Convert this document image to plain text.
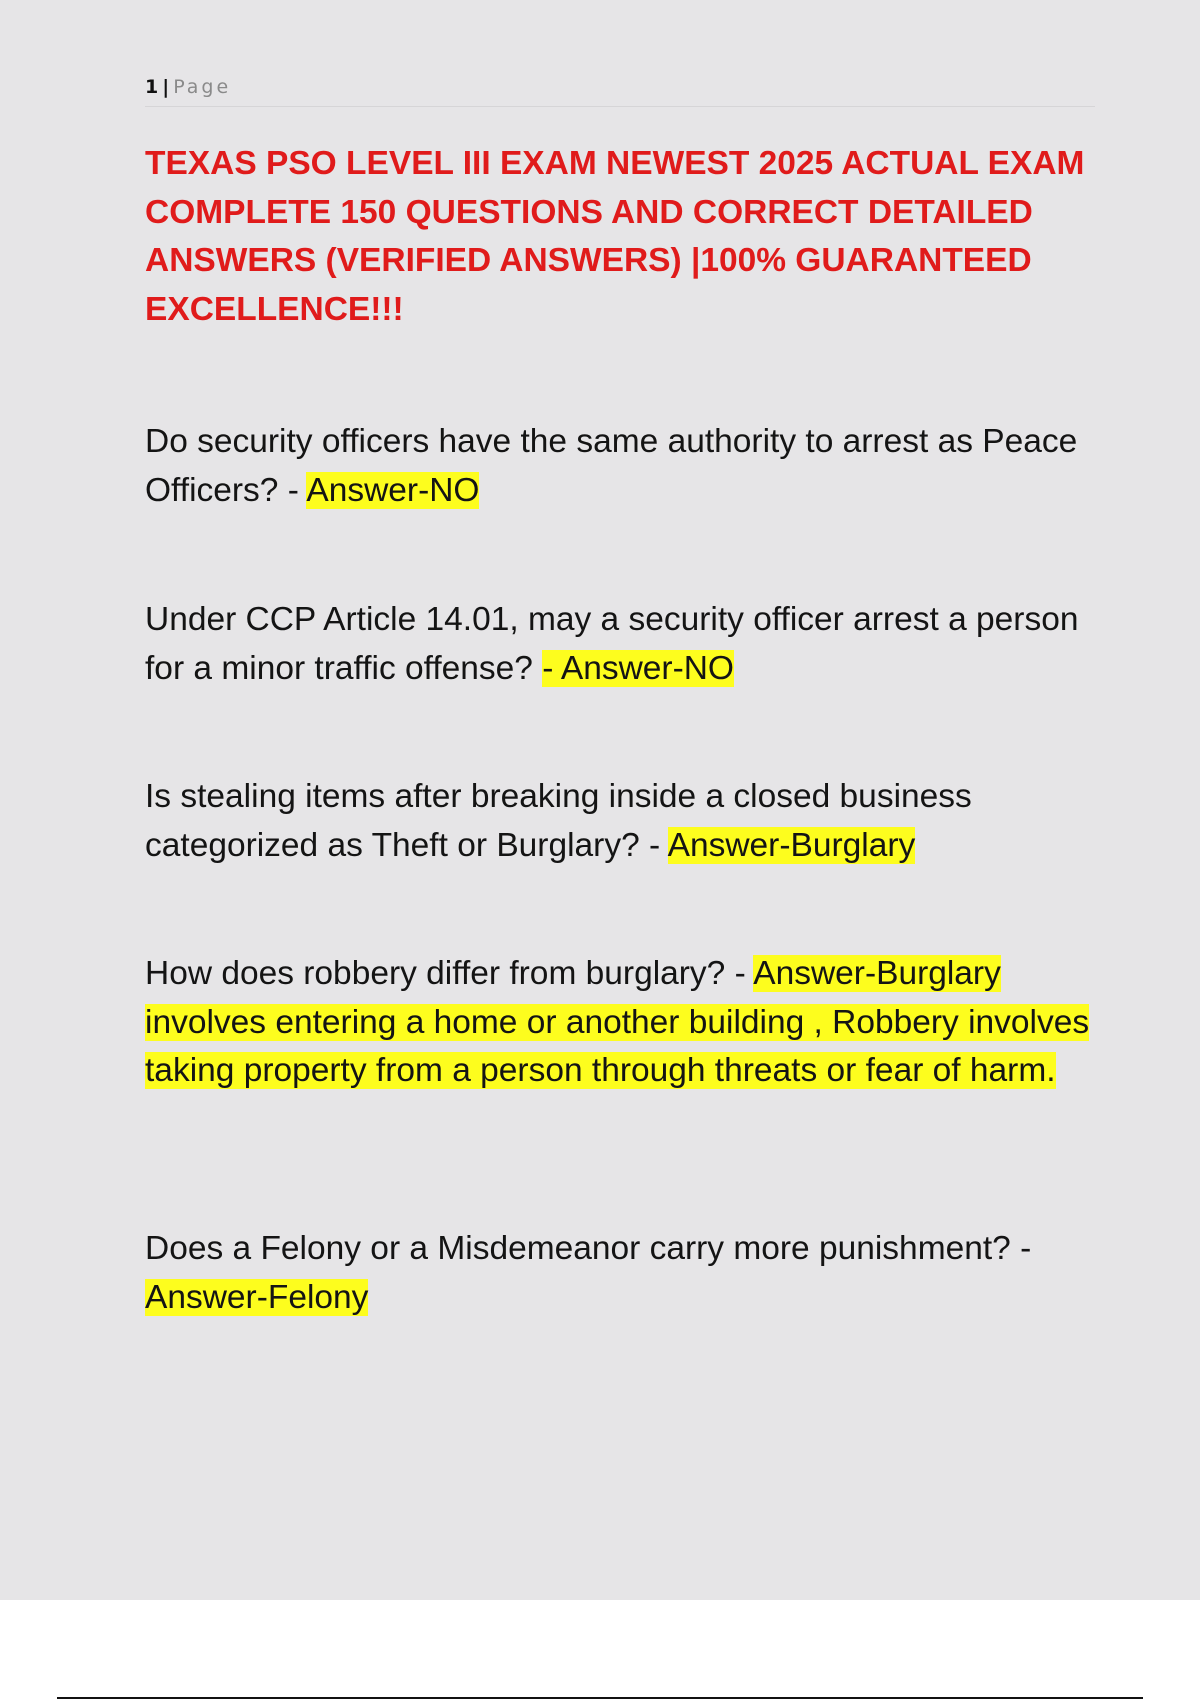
1 | Page
TEXAS PSO LEVEL III EXAM NEWEST 2025 ACTUAL EXAM COMPLETE 150 QUESTIONS AND CORRECT DETAILED ANSWERS (VERIFIED ANSWERS) |100% GUARANTEED EXCELLENCE!!!

Do security officers have the same authority to arrest as Peace Officers? - Answer-NO

Under CCP Article 14.01, may a security officer arrest a person for a minor traffic offense? - Answer-NO

Is stealing items after breaking inside a closed business categorized as Theft or Burglary? - Answer-Burglary

How does robbery differ from burglary? - Answer-Burglary involves entering a home or another building , Robbery involves taking property from a person through threats or fear of harm.

Does a Felony or a Misdemeanor carry more punishment? - Answer-Felony
